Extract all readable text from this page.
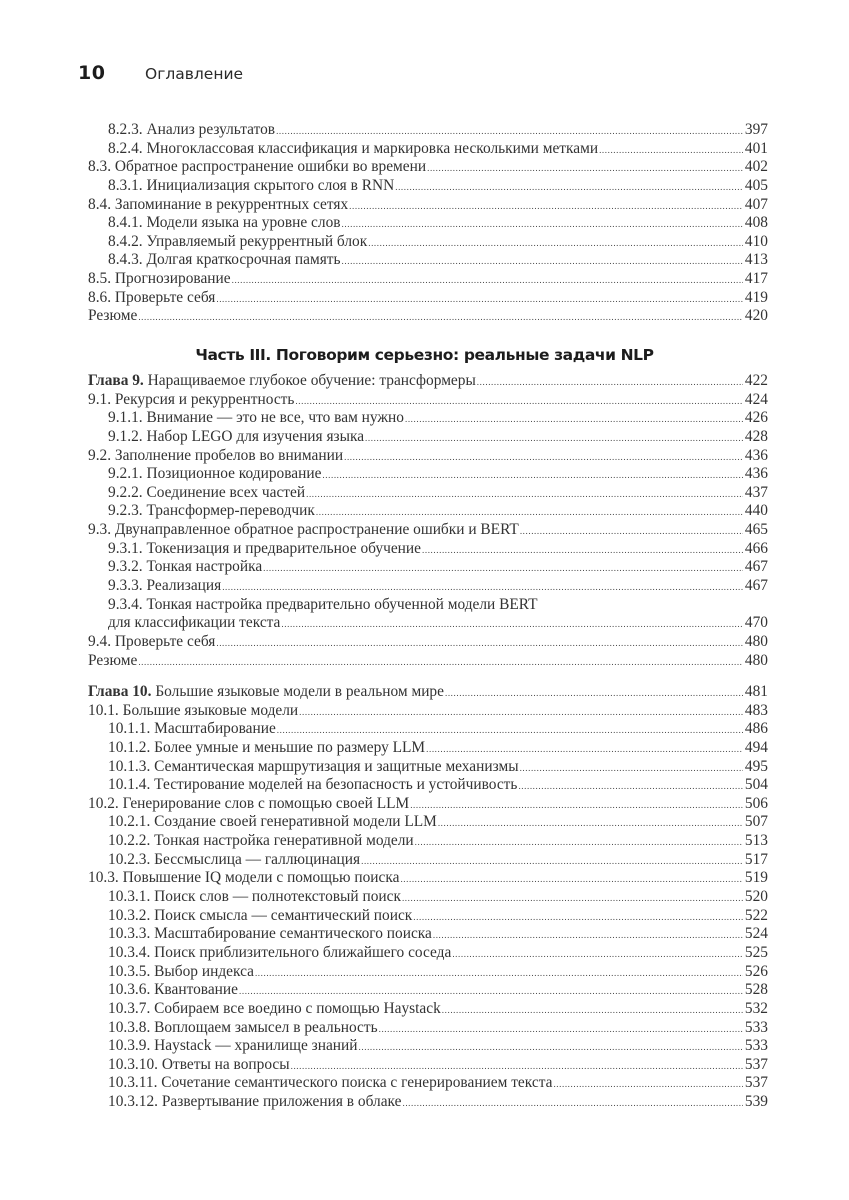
10	Оглавление
8.2.3. Анализ результатов .....	397
8.2.4. Многоклассовая классификация и маркировка несколькими метками .....	401
8.3. Обратное распространение ошибки во времени .....	402
8.3.1. Инициализация скрытого слоя в RNN .....	405
8.4. Запоминание в рекуррентных сетях .....	407
8.4.1. Модели языка на уровне слов .....	408
8.4.2. Управляемый рекуррентный блок .....	410
8.4.3. Долгая краткосрочная память .....	413
8.5. Прогнозирование .....	417
8.6. Проверьте себя .....	419
Резюме .....	420
Часть III. Поговорим серьезно: реальные задачи NLP
Глава 9. Наращиваемое глубокое обучение: трансформеры .....	422
9.1. Рекурсия и рекуррентность .....	424
9.1.1. Внимание — это не все, что вам нужно .....	426
9.1.2. Набор LEGO для изучения языка .....	428
9.2. Заполнение пробелов во внимании .....	436
9.2.1. Позиционное кодирование .....	436
9.2.2. Соединение всех частей .....	437
9.2.3. Трансформер-переводчик .....	440
9.3. Двунаправленное обратное распространение ошибки и BERT .....	465
9.3.1. Токенизация и предварительное обучение .....	466
9.3.2. Тонкая настройка .....	467
9.3.3. Реализация .....	467
9.3.4. Тонкая настройка предварительно обученной модели BERT
для классификации текста .....	470
9.4. Проверьте себя .....	480
Резюме .....	480
Глава 10. Большие языковые модели в реальном мире .....	481
10.1. Большие языковые модели .....	483
10.1.1. Масштабирование .....	486
10.1.2. Более умные и меньшие по размеру LLM .....	494
10.1.3. Семантическая маршрутизация и защитные механизмы .....	495
10.1.4. Тестирование моделей на безопасность и устойчивость .....	504
10.2. Генерирование слов с помощью своей LLM .....	506
10.2.1. Создание своей генеративной модели LLM .....	507
10.2.2. Тонкая настройка генеративной модели .....	513
10.2.3. Бессмыслица — галлюцинация .....	517
10.3. Повышение IQ модели с помощью поиска .....	519
10.3.1. Поиск слов — полнотекстовый поиск .....	520
10.3.2. Поиск смысла — семантический поиск .....	522
10.3.3. Масштабирование семантического поиска .....	524
10.3.4. Поиск приблизительного ближайшего соседа .....	525
10.3.5. Выбор индекса .....	526
10.3.6. Квантование .....	528
10.3.7. Собираем все воедино с помощью Haystack .....	532
10.3.8. Воплощаем замысел в реальность .....	533
10.3.9. Haystack — хранилище знаний .....	533
10.3.10. Ответы на вопросы .....	537
10.3.11. Сочетание семантического поиска с генерированием текста .....	537
10.3.12. Развертывание приложения в облаке .....	539
